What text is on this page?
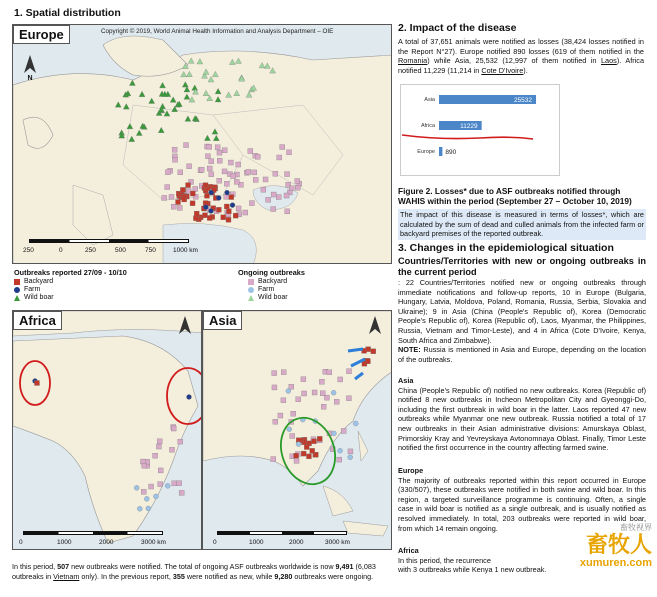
1. Spatial distribution
Europe	Copyright © 2019, World Animal Health Information and Analysis Department – OIE
N
250	0	250	500	750	1000 km
Outbreaks reported 27/09 - 10/10
Backyard
Farm
Wild boar
Ongoing outbreaks
Backyard
Farm
Wild boar
Africa
0	1000	2000	3000 km
Asia
0	1000	2000	3000 km
In this period, 507 new outbreaks were notified. The total of ongoing ASF outbreaks worldwide is now 9,491 (6,083 outbreaks in Vietnam only). In the previous report, 355 were notified as new, while 9,280 outbreaks were ongoing.
2. Impact of the disease
A total of 37,651 animals were notified as losses (38,424 losses notified in the Report N°27). Europe notified 890 losses (619 of them notified in the Romania) while Asia, 25,532 (12,997 of them notified in Laos). Africa notified 11,229 (11,214 in Cote D'Ivoire).
Asia	25532
Africa	11229
Europe 890
Figure 2. Losses* due to ASF outbreaks notified through WAHIS within the period (September 27 – October 10, 2019)
The impact of this disease is measured in terms of losses*, which are calculated by the sum of dead and culled animals from the infected farm or backyard premises of the reported outbreak.
3. Changes in the epidemiological situation
Countries/Territories with new or ongoing outbreaks in the current period
: 22 Countries/Territories notified new or ongoing outbreaks through immediate notifications and follow-up reports, 10 in Europe (Bulgaria, Hungary, Latvia, Moldova, Poland, Romania, Russia, Serbia, Slovakia and Ukraine); 9 in Asia (China (People's Republic of), Korea (Democratic People's Republic of), Korea (Republic of), Laos, Myanmar, the Philippines, Russia, Vietnam and Timor-Leste), and 4 in Africa (Cote D'Ivoire, Kenya, South Africa and Zimbabwe).
NOTE: Russia is mentioned in Asia and Europe, depending on the location of the outbreaks.
Asia
China (People's Republic of) notified no new outbreaks. Korea (Republic of) notified 8 new outbreaks in Incheon Metropolitan City and Gyeonggi-Do, including the first outbreak in wild boar in the latter. Laos reported 47 new outbreaks while Myanmar one new outbreak. Russia notified a total of 17 new outbreaks in their Asian administrative divisions: Amurskaya Oblast, Primorskiy Kray and Yevreyskaya Avtonomnaya Oblast. Finally, Timor Leste notified the first occurrence in the country affecting farmed swine.
Europe
The majority of outbreaks reported within this report occurred in Europe (330/507), these outbreaks were notified in both swine and wild boar. In this region, a targeted surveillance programme is continuing. Often, a single case in wild boar is notified as a single outbreak, and is usually notified as resolved immediately. In total, 203 outbreaks were reported in wild boar, from which 14 remain ongoing.
Africa
In this period, the recurrence
with 3 outbreaks while Kenya 1 new outbreak.
畜牧视界
畜牧人
xumuren.com
